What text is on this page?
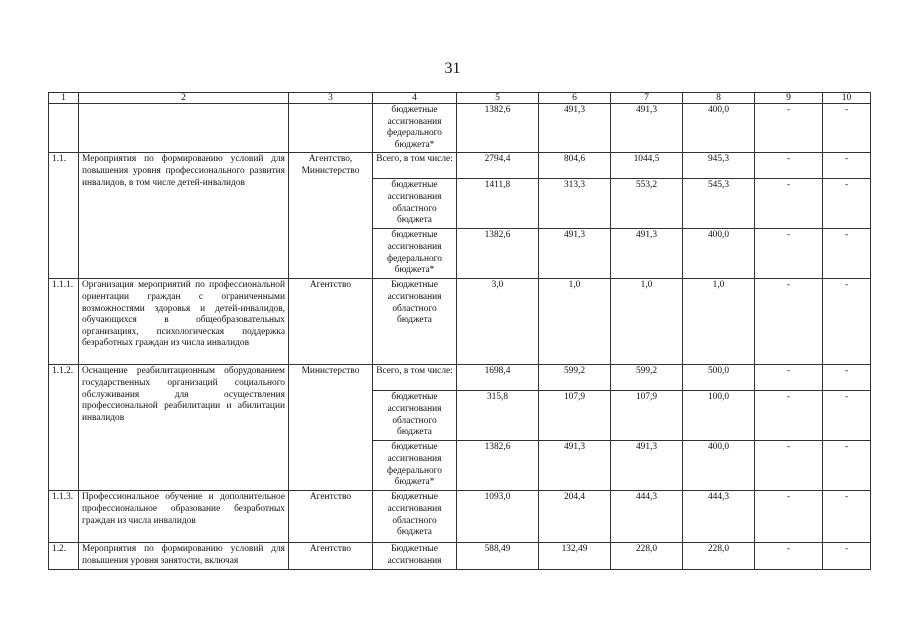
31
1	2	3	4	5	6	7	8	9	10
			бюджетные ассигнования федерального бюджета*	1382,6	491,3	491,3	400,0	-	-
1.1.	Мероприятия по формированию условий для повышения уровня профессионального развития инвалидов, в том числе детей-инвалидов	Агентство, Министерство	Всего, в том числе:	2794,4	804,6	1044,5	945,3	-	-
			бюджетные ассигнования областного бюджета	1411,8	313,3	553,2	545,3	-	-
			бюджетные ассигнования федерального бюджета*	1382,6	491,3	491,3	400,0	-	-
1.1.1.	Организация мероприятий по профессиональной ориентации граждан с ограниченными возможностями здоровья и детей-инвалидов, обучающихся в общеобразовательных организациях, психологическая поддержка безработных граждан из числа инвалидов	Агентство	Бюджетные ассигнования областного бюджета	3,0	1,0	1,0	1,0	-	-
1.1.2.	Оснащение реабилитационным оборудованием государственных организаций социального обслуживания для осуществления профессиональной реабилитации и абилитации инвалидов	Министерство	Всего, в том числе:	1698,4	599,2	599,2	500,0	-	-
			бюджетные ассигнования областного бюджета	315,8	107,9	107,9	100,0	-	-
			бюджетные ассигнования федерального бюджета*	1382,6	491,3	491,3	400,0	-	-
1.1.3.	Профессиональное обучение и дополнительное профессиональное образование безработных граждан из числа инвалидов	Агентство	Бюджетные ассигнования областного бюджета	1093,0	204,4	444,3	444,3	-	-
1.2.	Мероприятия по формированию условий для повышения уровня занятости, включая	Агентство	Бюджетные ассигнования	588,49	132,49	228,0	228,0	-	-
